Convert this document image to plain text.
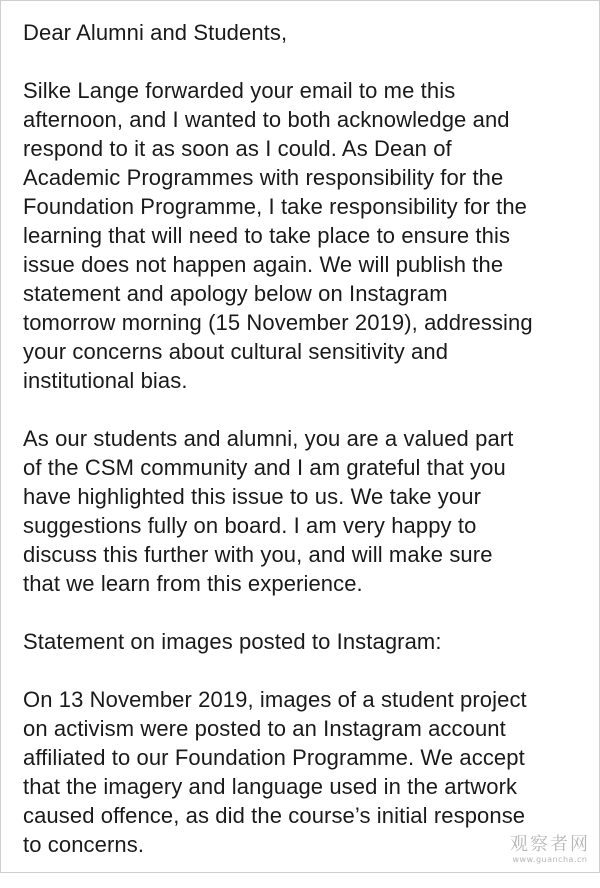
Dear Alumni and Students,
Silke Lange forwarded your email to me this
afternoon, and I wanted to both acknowledge and
respond to it as soon as I could. As Dean of
Academic Programmes with responsibility for the
Foundation Programme, I take responsibility for the
learning that will need to take place to ensure this
issue does not happen again. We will publish the
statement and apology below on Instagram
tomorrow morning (15 November 2019), addressing
your concerns about cultural sensitivity and
institutional bias.
As our students and alumni, you are a valued part
of the CSM community and I am grateful that you
have highlighted this issue to us. We take your
suggestions fully on board. I am very happy to
discuss this further with you, and will make sure
that we learn from this experience.
Statement on images posted to Instagram:
On 13 November 2019, images of a student project
on activism were posted to an Instagram account
affiliated to our Foundation Programme. We accept
that the imagery and language used in the artwork
caused offence, as did the course’s initial response
to concerns.	观察者网
www.guancha.cn
